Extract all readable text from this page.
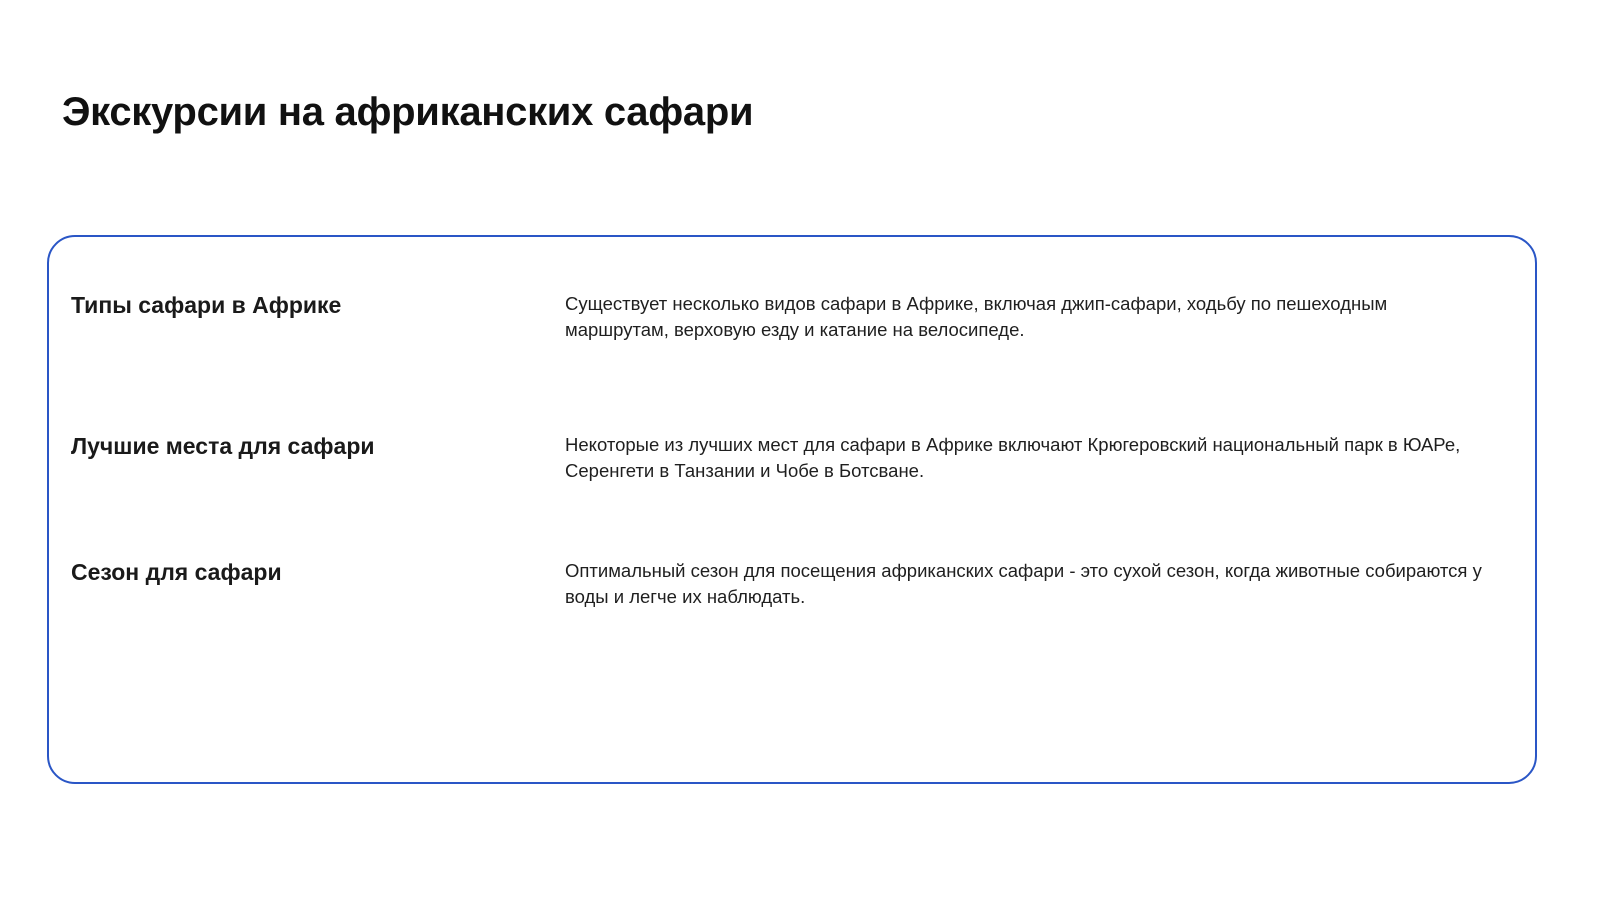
Экскурсии на африканских сафари
Типы сафари в Африке	Существует несколько видов сафари в Африке, включая джип-сафари, ходьбу по пешеходным маршрутам, верховую езду и катание на велосипеде.

Лучшие места для сафари	Некоторые из лучших мест для сафари в Африке включают Крюгеровский национальный парк в ЮАРе, Серенгети в Танзании и Чобе в Ботсване.

Сезон для сафари	Оптимальный сезон для посещения африканских сафари - это сухой сезон, когда животные собираются у воды и легче их наблюдать.
